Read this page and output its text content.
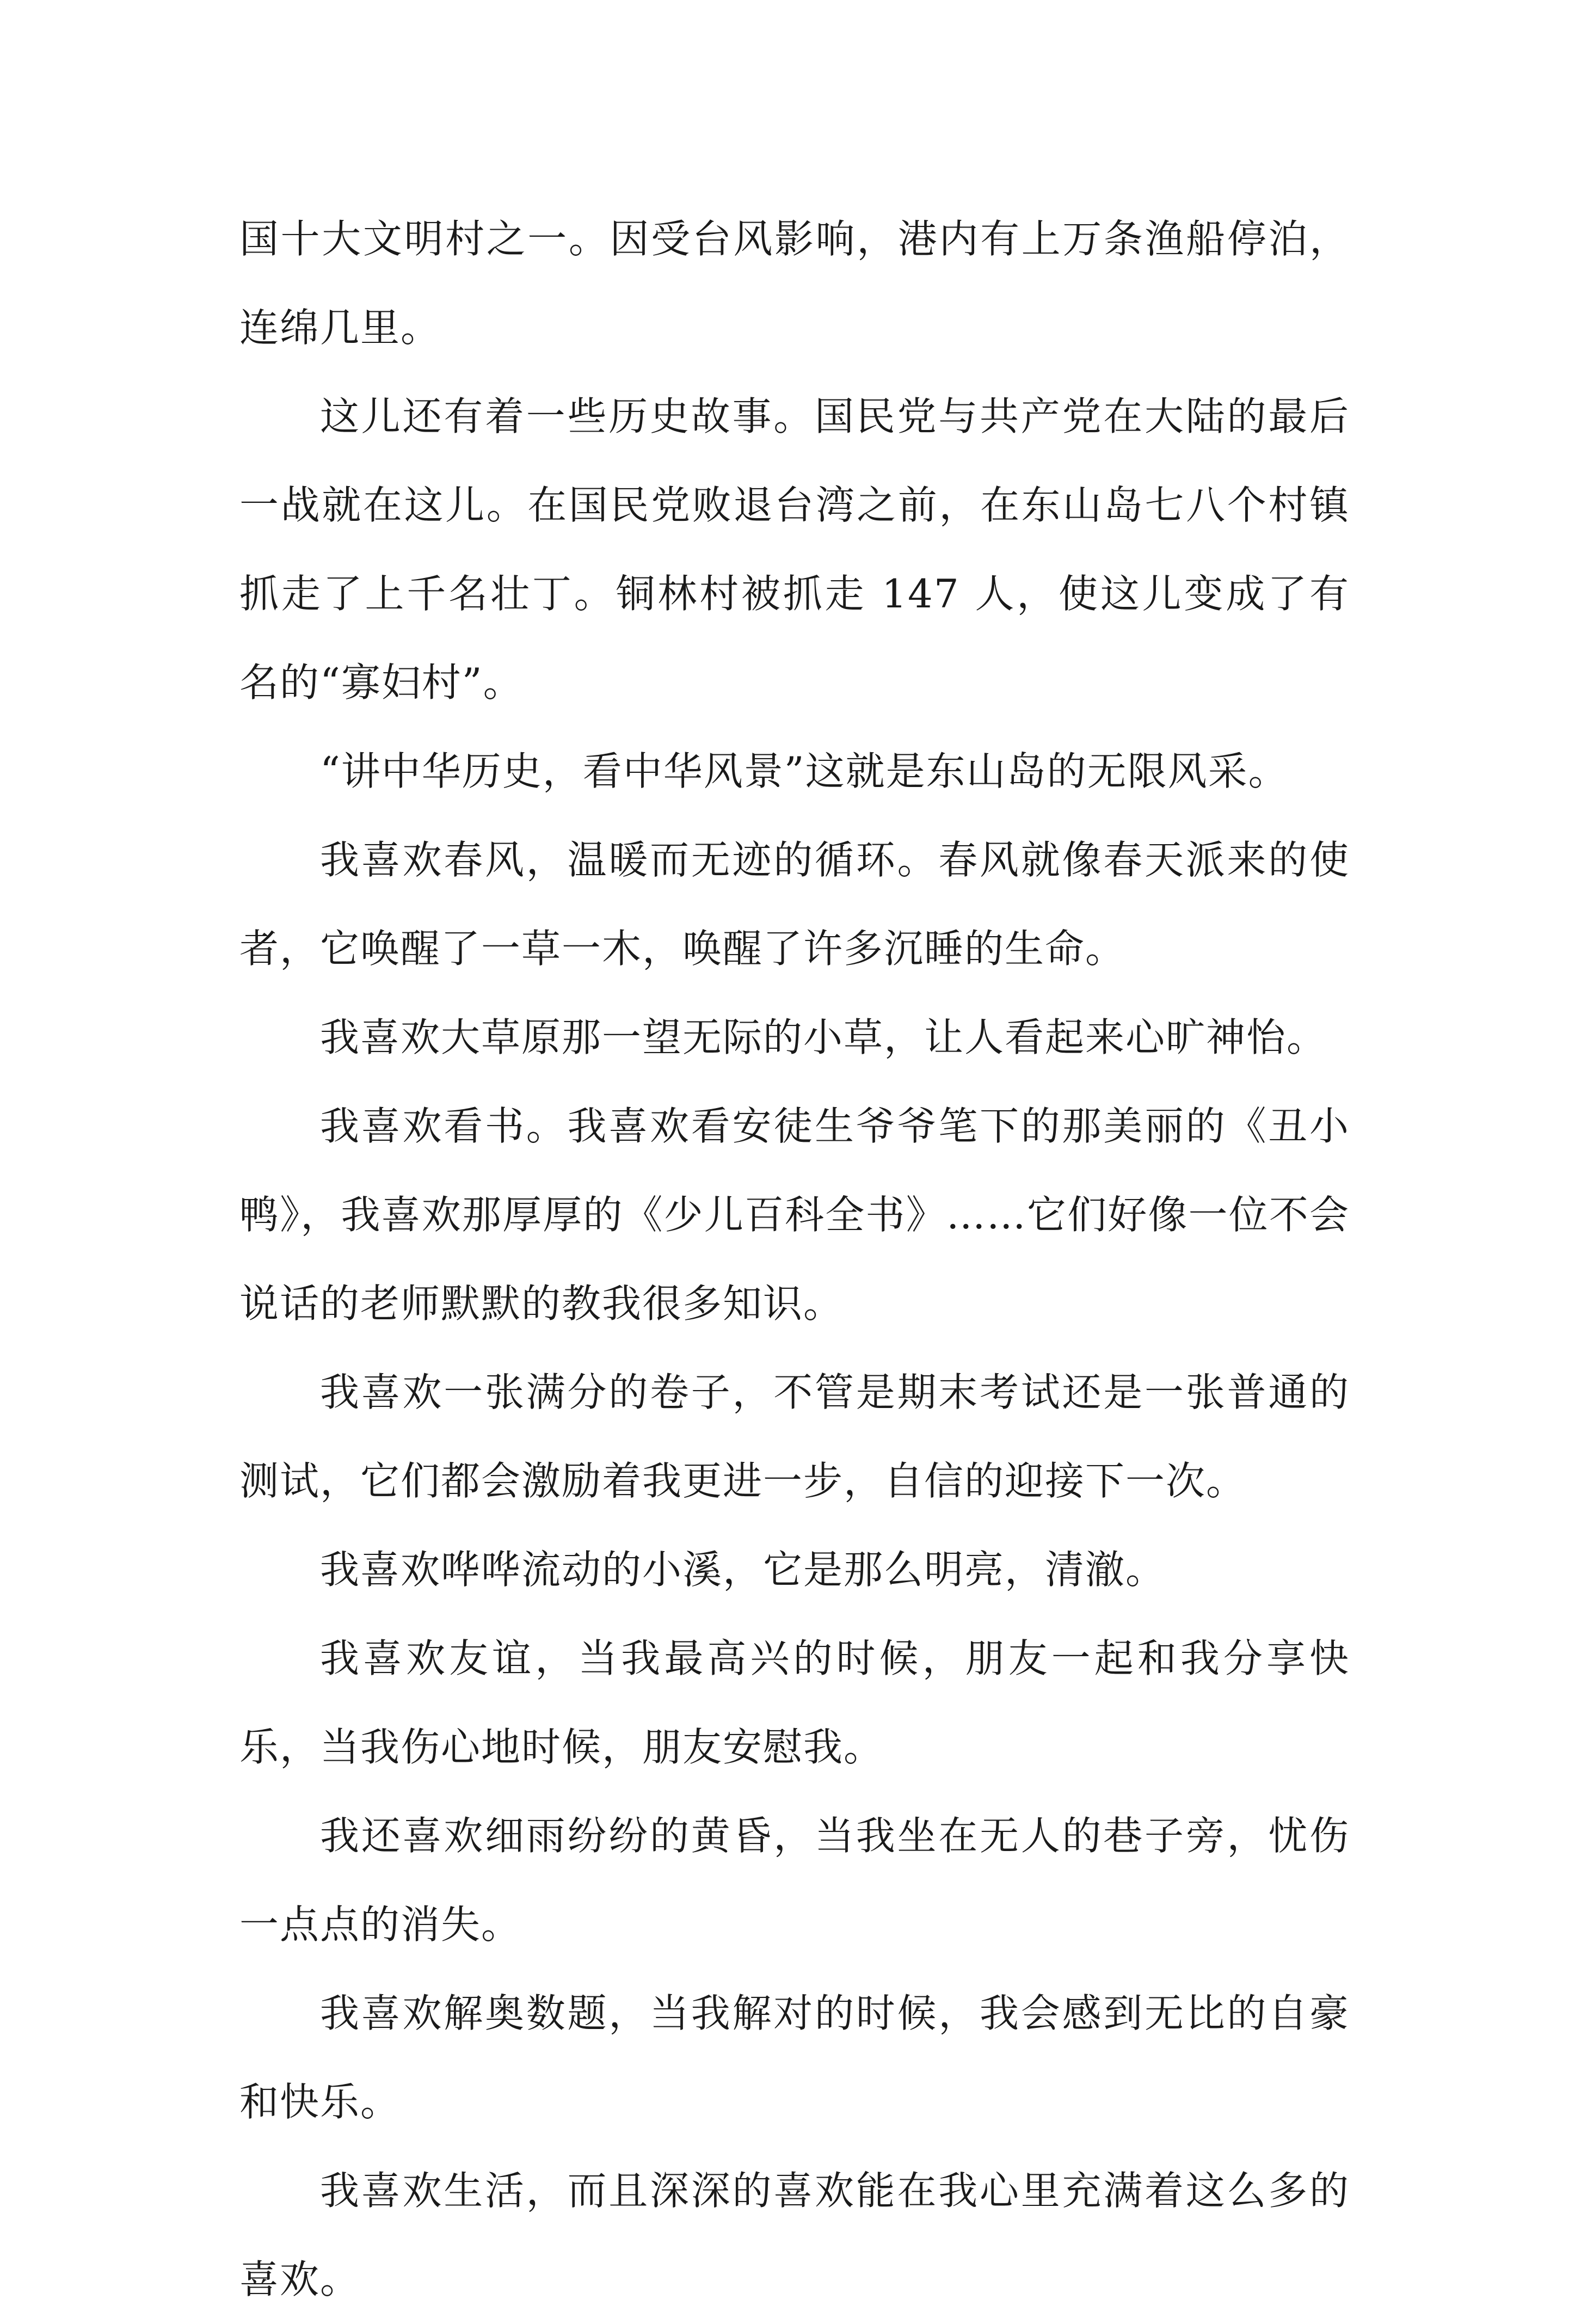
国十大文明村之一。因受台风影响，港内有上万条渔船停泊，连绵几里。

这儿还有着一些历史故事。国民党与共产党在大陆的最后一战就在这儿。在国民党败退台湾之前，在东山岛七八个村镇抓走了上千名壮丁。铜林村被抓走 147 人，使这儿变成了有名的“寡妇村”。

“讲中华历史，看中华风景”这就是东山岛的无限风采。

我喜欢春风，温暖而无迹的循环。春风就像春天派来的使者，它唤醒了一草一木，唤醒了许多沉睡的生命。

我喜欢大草原那一望无际的小草，让人看起来心旷神怡。

我喜欢看书。我喜欢看安徒生爷爷笔下的那美丽的《丑小鸭》，我喜欢那厚厚的《少儿百科全书》……它们好像一位不会说话的老师默默的教我很多知识。

我喜欢一张满分的卷子，不管是期末考试还是一张普通的测试，它们都会激励着我更进一步，自信的迎接下一次。

我喜欢哗哗流动的小溪，它是那么明亮，清澈。

我喜欢友谊，当我最高兴的时候，朋友一起和我分享快乐，当我伤心地时候，朋友安慰我。

我还喜欢细雨纷纷的黄昏，当我坐在无人的巷子旁，忧伤一点点的消失。

我喜欢解奥数题，当我解对的时候，我会感到无比的自豪和快乐。

我喜欢生活，而且深深的喜欢能在我心里充满着这么多的喜欢。
